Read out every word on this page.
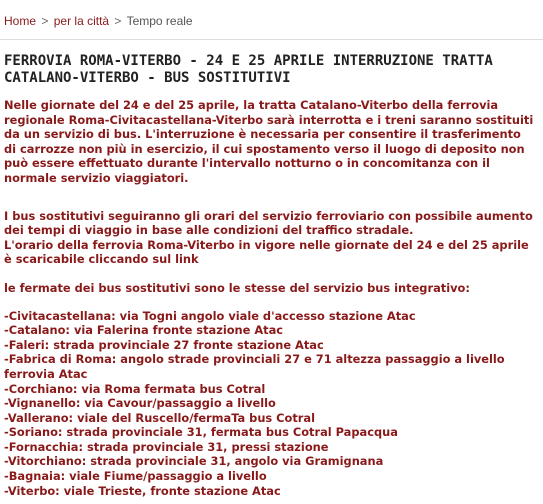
Home > per la città > Tempo reale
FERROVIA ROMA-VITERBO - 24 E 25 APRILE INTERRUZIONE TRATTA CATALANO-VITERBO - BUS SOSTITUTIVI

Nelle giornate del 24 e del 25 aprile, la tratta Catalano-Viterbo della ferrovia regionale Roma-Civitacastellana-Viterbo sarà interrotta e i treni saranno sostituiti da un servizio di bus. L'interruzione è necessaria per consentire il trasferimento di carrozze non più in esercizio, il cui spostamento verso il luogo di deposito non può essere effettuato durante l'intervallo notturno o in concomitanza con il normale servizio viaggiatori.

I bus sostitutivi seguiranno gli orari del servizio ferroviario con possibile aumento dei tempi di viaggio in base alle condizioni del traffico stradale.

L'orario della ferrovia Roma-Viterbo in vigore nelle giornate del 24 e del 25 aprile è scaricabile cliccando sul link

le fermate dei bus sostitutivi sono le stesse del servizio bus integrativo:

-Civitacastellana: via Togni angolo viale d'accesso stazione Atac
-Catalano: via Falerina fronte stazione Atac
-Faleri: strada provinciale 27 fronte stazione Atac
-Fabrica di Roma: angolo strade provinciali 27 e 71 altezza passaggio a livello ferrovia Atac
-Corchiano: via Roma fermata bus Cotral
-Vignanello: via Cavour/passaggio a livello
-Vallerano: viale del Ruscello/fermaTa bus Cotral
-Soriano: strada provinciale 31, fermata bus Cotral Papacqua
-Fornacchia: strada provinciale 31, pressi stazione
-Vitorchiano: strada provinciale 31, angolo via Gramignana
-Bagnaia: viale Fiume/passaggio a livello
-Viterbo: viale Trieste, fronte stazione Atac
